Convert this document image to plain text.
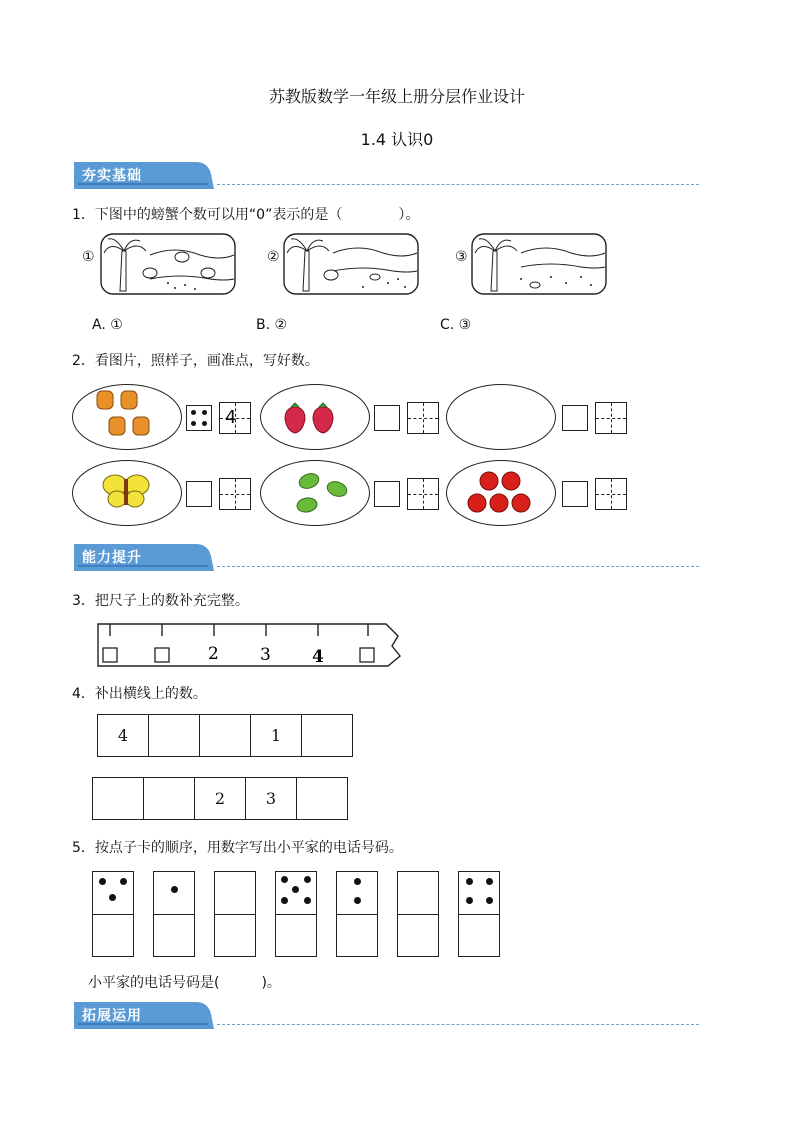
苏教版数学一年级上册分层作业设计
1.4 认识0
夯实基础
1．下图中的螃蟹个数可以用“0”表示的是（　　　　）。
①	②	③
A. ①	B. ②	C. ③
2．看图片，照样子，画准点，写好数。
4
能力提升
3．把尺子上的数补充完整。
2 3 4
4．补出横线上的数。
4			1	
		2	3	
5．按点子卡的顺序，用数字写出小平家的电话号码。
小平家的电话号码是(　　　)。
拓展运用
